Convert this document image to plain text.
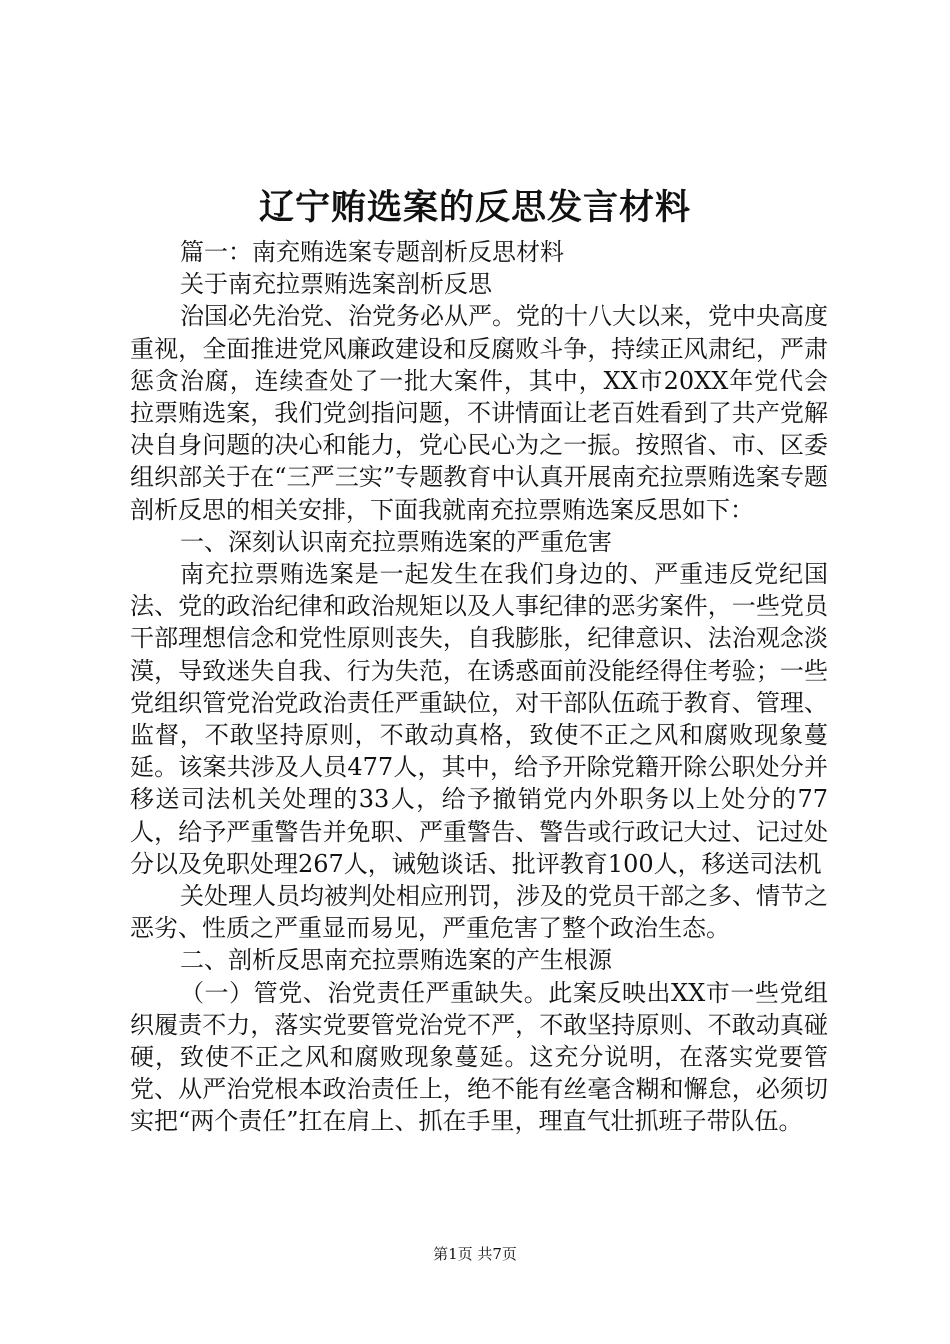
辽宁贿选案的反思发言材料

篇一：南充贿选案专题剖析反思材料

关于南充拉票贿选案剖析反思

治国必先治党、治党务必从严。党的十八大以来，党中央高度重视，全面推进党风廉政建设和反腐败斗争，持续正风肃纪，严肃惩贪治腐，连续查处了一批大案件，其中，XX市20XX年党代会拉票贿选案，我们党剑指问题，不讲情面让老百姓看到了共产党解决自身问题的决心和能力，党心民心为之一振。按照省、市、区委组织部关于在“三严三实”专题教育中认真开展南充拉票贿选案专题剖析反思的相关安排，下面我就南充拉票贿选案反思如下：

一、深刻认识南充拉票贿选案的严重危害

南充拉票贿选案是一起发生在我们身边的、严重违反党纪国法、党的政治纪律和政治规矩以及人事纪律的恶劣案件，一些党员干部理想信念和党性原则丧失，自我膨胀，纪律意识、法治观念淡漠，导致迷失自我、行为失范，在诱惑面前没能经得住考验；一些党组织管党治党政治责任严重缺位，对干部队伍疏于教育、管理、监督，不敢坚持原则，不敢动真格，致使不正之风和腐败现象蔓延。该案共涉及人员477人，其中，给予开除党籍开除公职处分并移送司法机关处理的33人，给予撤销党内外职务以上处分的77人，给予严重警告并免职、严重警告、警告或行政记大过、记过处分以及免职处理267人，诫勉谈话、批评教育100人，移送司法机

关处理人员均被判处相应刑罚，涉及的党员干部之多、情节之恶劣、性质之严重显而易见，严重危害了整个政治生态。

二、剖析反思南充拉票贿选案的产生根源

（一）管党、治党责任严重缺失。此案反映出XX市一些党组织履责不力，落实党要管党治党不严，不敢坚持原则、不敢动真碰硬，致使不正之风和腐败现象蔓延。这充分说明，在落实党要管党、从严治党根本政治责任上，绝不能有丝毫含糊和懈怠，必须切实把“两个责任”扛在肩上、抓在手里，理直气壮抓班子带队伍。

第1页 共7页
